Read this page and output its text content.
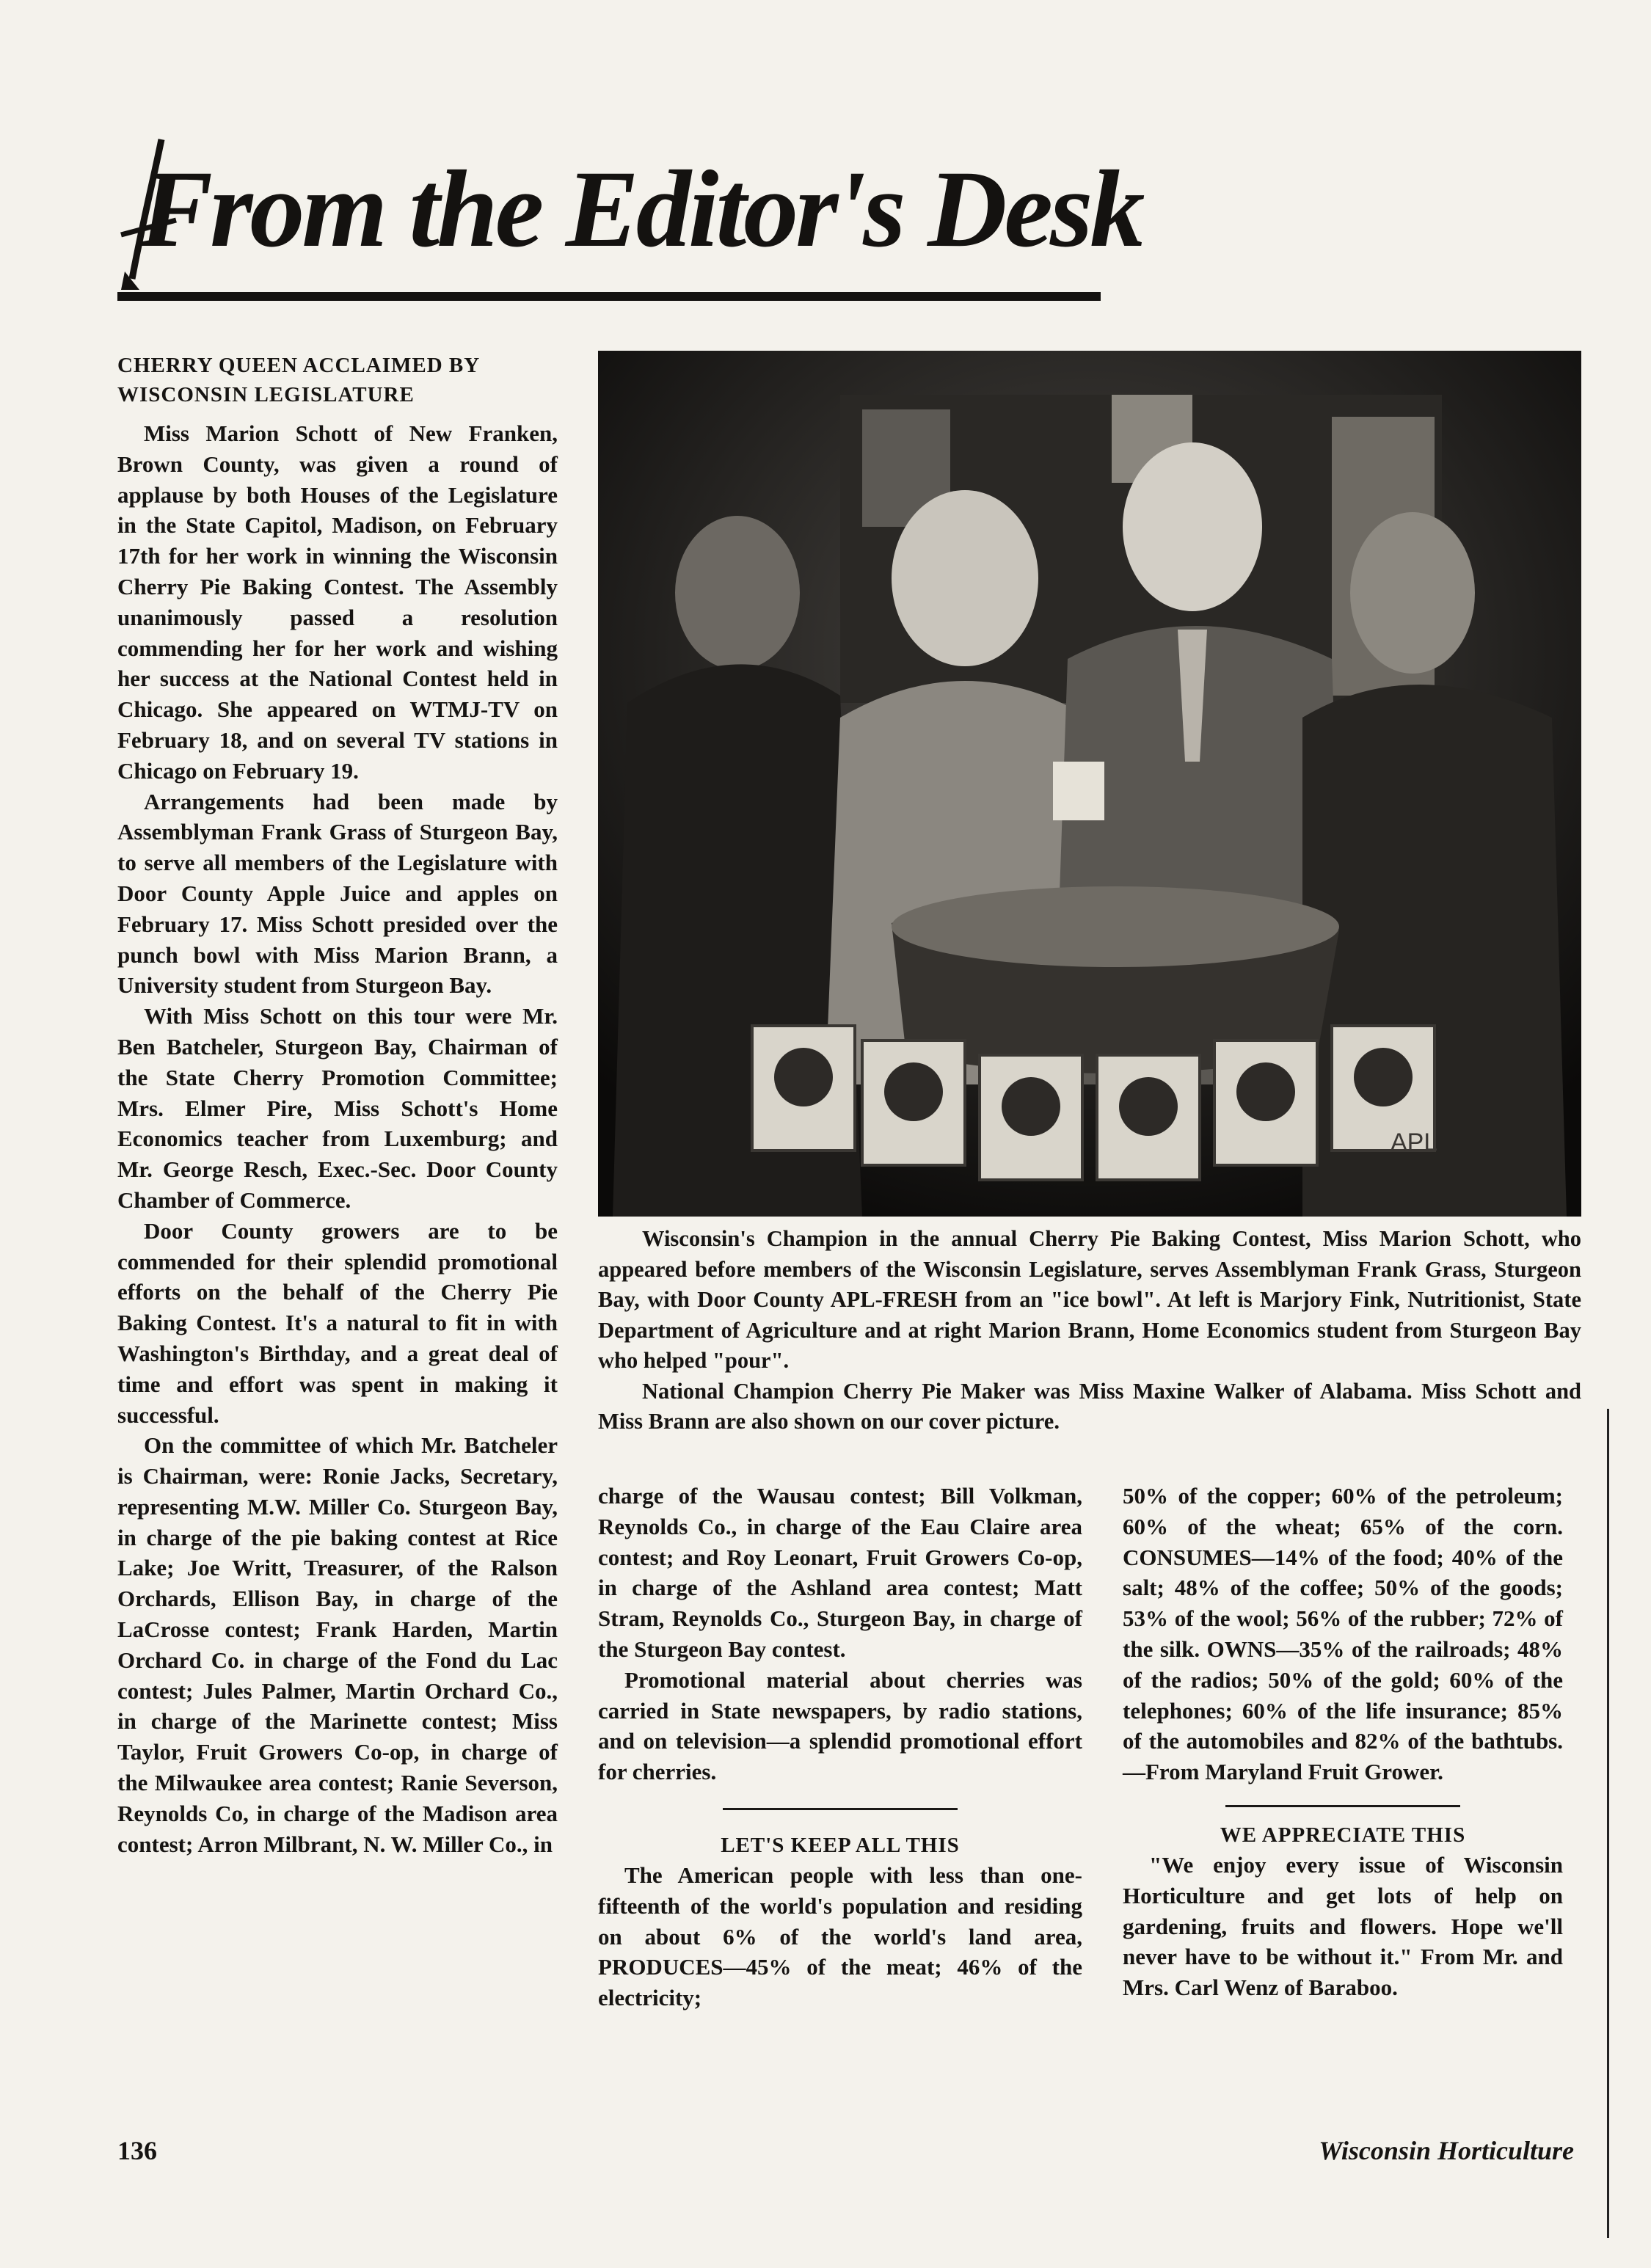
From the Editor's Desk
CHERRY QUEEN ACCLAIMED BY WISCONSIN LEGISLATURE

Miss Marion Schott of New Franken, Brown County, was given a round of applause by both Houses of the Legislature in the State Capitol, Madison, on February 17th for her work in winning the Wisconsin Cherry Pie Baking Contest. The Assembly unanimously passed a resolution commending her for her work and wishing her success at the National Contest held in Chicago. She appeared on WTMJ-TV on February 18, and on several TV stations in Chicago on February 19.

Arrangements had been made by Assemblyman Frank Grass of Sturgeon Bay, to serve all members of the Legislature with Door County Apple Juice and apples on February 17. Miss Schott presided over the punch bowl with Miss Marion Brann, a University student from Sturgeon Bay.

With Miss Schott on this tour were Mr. Ben Batcheler, Sturgeon Bay, Chairman of the State Cherry Promotion Committee; Mrs. Elmer Pire, Miss Schott's Home Economics teacher from Luxemburg; and Mr. George Resch, Exec.-Sec. Door County Chamber of Commerce.

Door County growers are to be commended for their splendid promotional efforts on the behalf of the Cherry Pie Baking Contest. It's a natural to fit in with Washington's Birthday, and a great deal of time and effort was spent in making it successful.

On the committee of which Mr. Batcheler is Chairman, were: Ronie Jacks, Secretary, representing M.W. Miller Co. Sturgeon Bay, in charge of the pie baking contest at Rice Lake; Joe Writt, Treasurer, of the Ralson Orchards, Ellison Bay, in charge of the LaCrosse contest; Frank Harden, Martin Orchard Co. in charge of the Fond du Lac contest; Jules Palmer, Martin Orchard Co., in charge of the Marinette contest; Miss Taylor, Fruit Growers Co-op, in charge of the Milwaukee area contest; Ranie Severson, Reynolds Co, in charge of the Madison area contest; Arron Milbrant, N. W. Miller Co., in

APL

Wisconsin's Champion in the annual Cherry Pie Baking Contest, Miss Marion Schott, who appeared before members of the Wisconsin Legislature, serves Assemblyman Frank Grass, Sturgeon Bay, with Door County APL-FRESH from an "ice bowl". At left is Marjory Fink, Nutritionist, State Department of Agriculture and at right Marion Brann, Home Economics student from Sturgeon Bay who helped "pour".

National Champion Cherry Pie Maker was Miss Maxine Walker of Alabama. Miss Schott and Miss Brann are also shown on our cover picture.

charge of the Wausau contest; Bill Volkman, Reynolds Co., in charge of the Eau Claire area contest; and Roy Leonart, Fruit Growers Co-op, in charge of the Ashland area contest; Matt Stram, Reynolds Co., Sturgeon Bay, in charge of the Sturgeon Bay contest.

Promotional material about cherries was carried in State newspapers, by radio stations, and on television—a splendid promotional effort for cherries.

LET'S KEEP ALL THIS

The American people with less than one-fifteenth of the world's population and residing on about 6% of the world's land area, PRODUCES—45% of the meat; 46% of the electricity;

50% of the copper; 60% of the petroleum; 60% of the wheat; 65% of the corn. CONSUMES—14% of the food; 40% of the salt; 48% of the coffee; 50% of the goods; 53% of the wool; 56% of the rubber; 72% of the silk. OWNS—35% of the railroads; 48% of the radios; 50% of the gold; 60% of the telephones; 60% of the life insurance; 85% of the automobiles and 82% of the bathtubs.—From Maryland Fruit Grower.

WE APPRECIATE THIS

"We enjoy every issue of Wisconsin Horticulture and get lots of help on gardening, fruits and flowers. Hope we'll never have to be without it." From Mr. and Mrs. Carl Wenz of Baraboo.

136	Wisconsin Horticulture
